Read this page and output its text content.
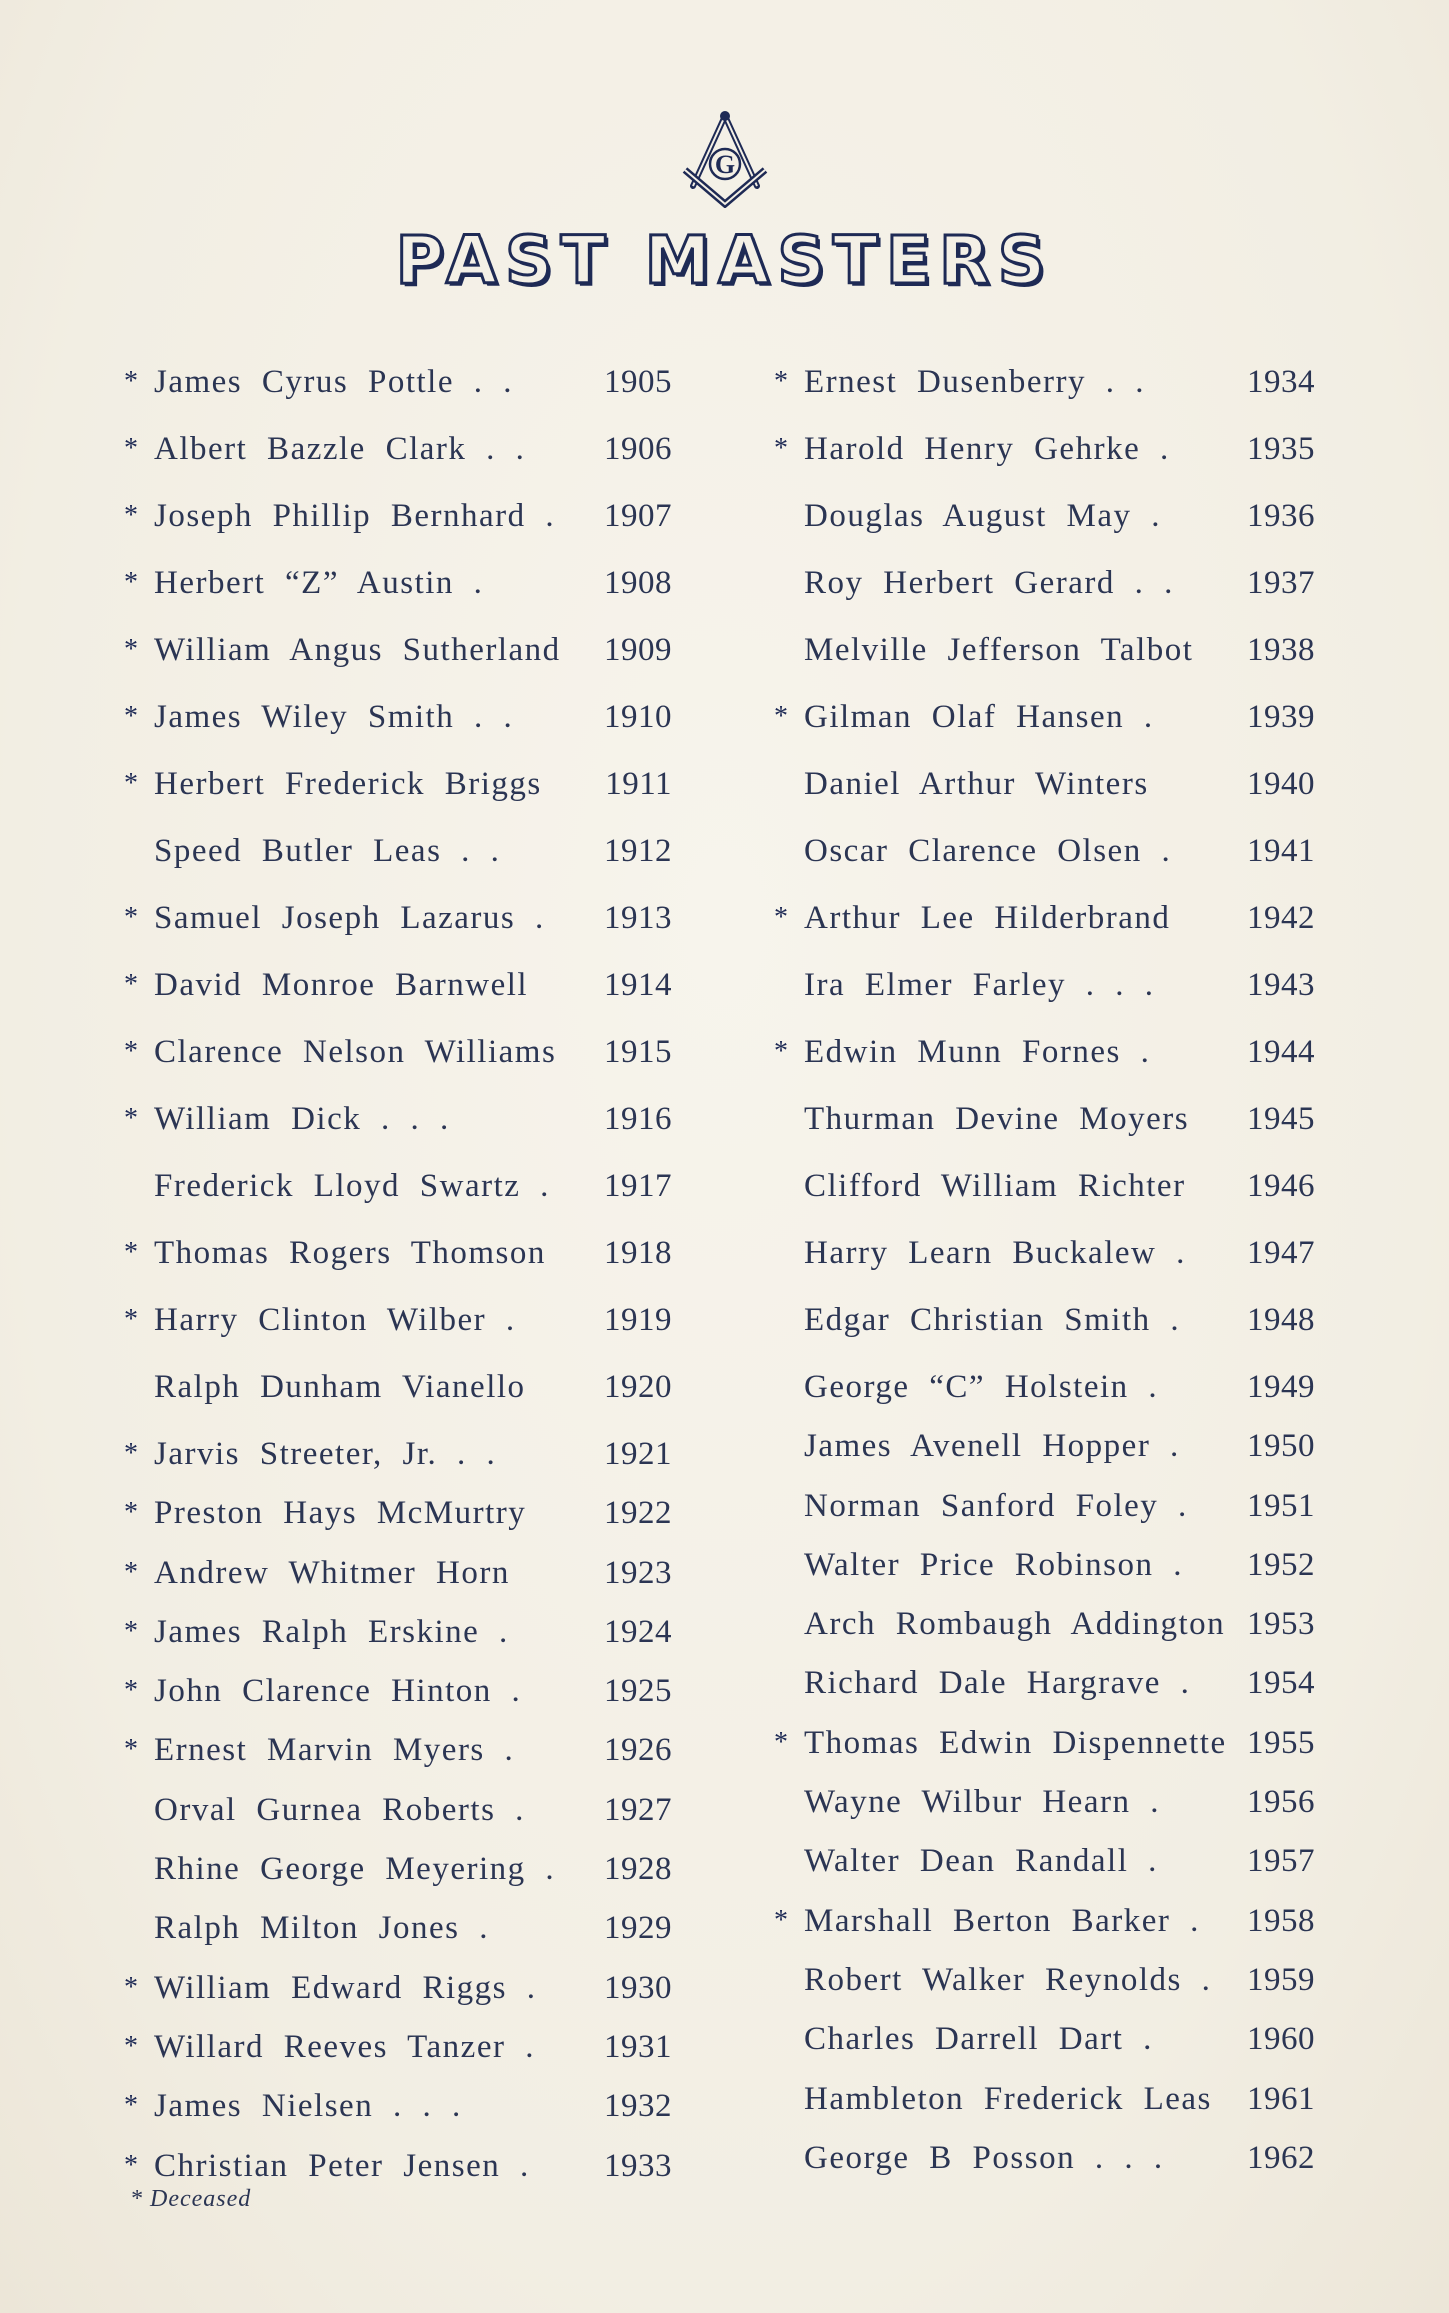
G
PAST MASTERS
* James Cyrus Pottle . .	1905
* Albert Bazzle Clark . . 1906
* Joseph Phillip Bernhard . 1907
* Herbert “Z” Austin .	1908
* William Angus Sutherland 1909
* James Wiley Smith . .	1910
* Herbert Frederick Briggs 1911
Speed Butler Leas . .	1912
* Samuel Joseph Lazarus . 1913
* David Monroe Barnwell 1914
* Clarence Nelson Williams 1915
* William Dick . . .	1916
Frederick Lloyd Swartz . 1917
* Thomas Rogers Thomson 1918
* Harry Clinton Wilber .	1919
Ralph Dunham Vianello 1920
* Jarvis Streeter, Jr. . .	1921
* Preston Hays McMurtry 1922
* Andrew Whitmer Horn	1923
* James Ralph Erskine .	1924
* John Clarence Hinton .	1925
* Ernest Marvin Myers .	1926
Orval Gurnea Roberts . 1927
Rhine George Meyering . 1928
Ralph Milton Jones .	1929
* William Edward Riggs . 1930
* Willard Reeves Tanzer . 1931
* James Nielsen . . .	1932
* Christian Peter Jensen . 1933
* Ernest Dusenberry . .	1934
* Harold Henry Gehrke . 1935
Douglas August May .	1936
Roy Herbert Gerard . . 1937
Melville Jefferson Talbot 1938
* Gilman Olaf Hansen .	1939
Daniel Arthur Winters	1940
Oscar Clarence Olsen . 1941
* Arthur Lee Hilderbrand 1942
Ira Elmer Farley . . .	1943
* Edwin Munn Fornes .	1944
Thurman Devine Moyers 1945
Clifford William Richter 1946
Harry Learn Buckalew . 1947
Edgar Christian Smith . 1948
George “C” Holstein .	1949
James Avenell Hopper . 1950
Norman Sanford Foley . 1951
Walter Price Robinson . 1952
Arch Rombaugh Addington 1953
Richard Dale Hargrave . 1954
* Thomas Edwin Dispennette 1955
Wayne Wilbur Hearn .	1956
Walter Dean Randall .	1957
* Marshall Berton Barker . 1958
Robert Walker Reynolds . 1959
Charles Darrell Dart .	1960
Hambleton Frederick Leas 1961
George B Posson . . .	1962
* Deceased
